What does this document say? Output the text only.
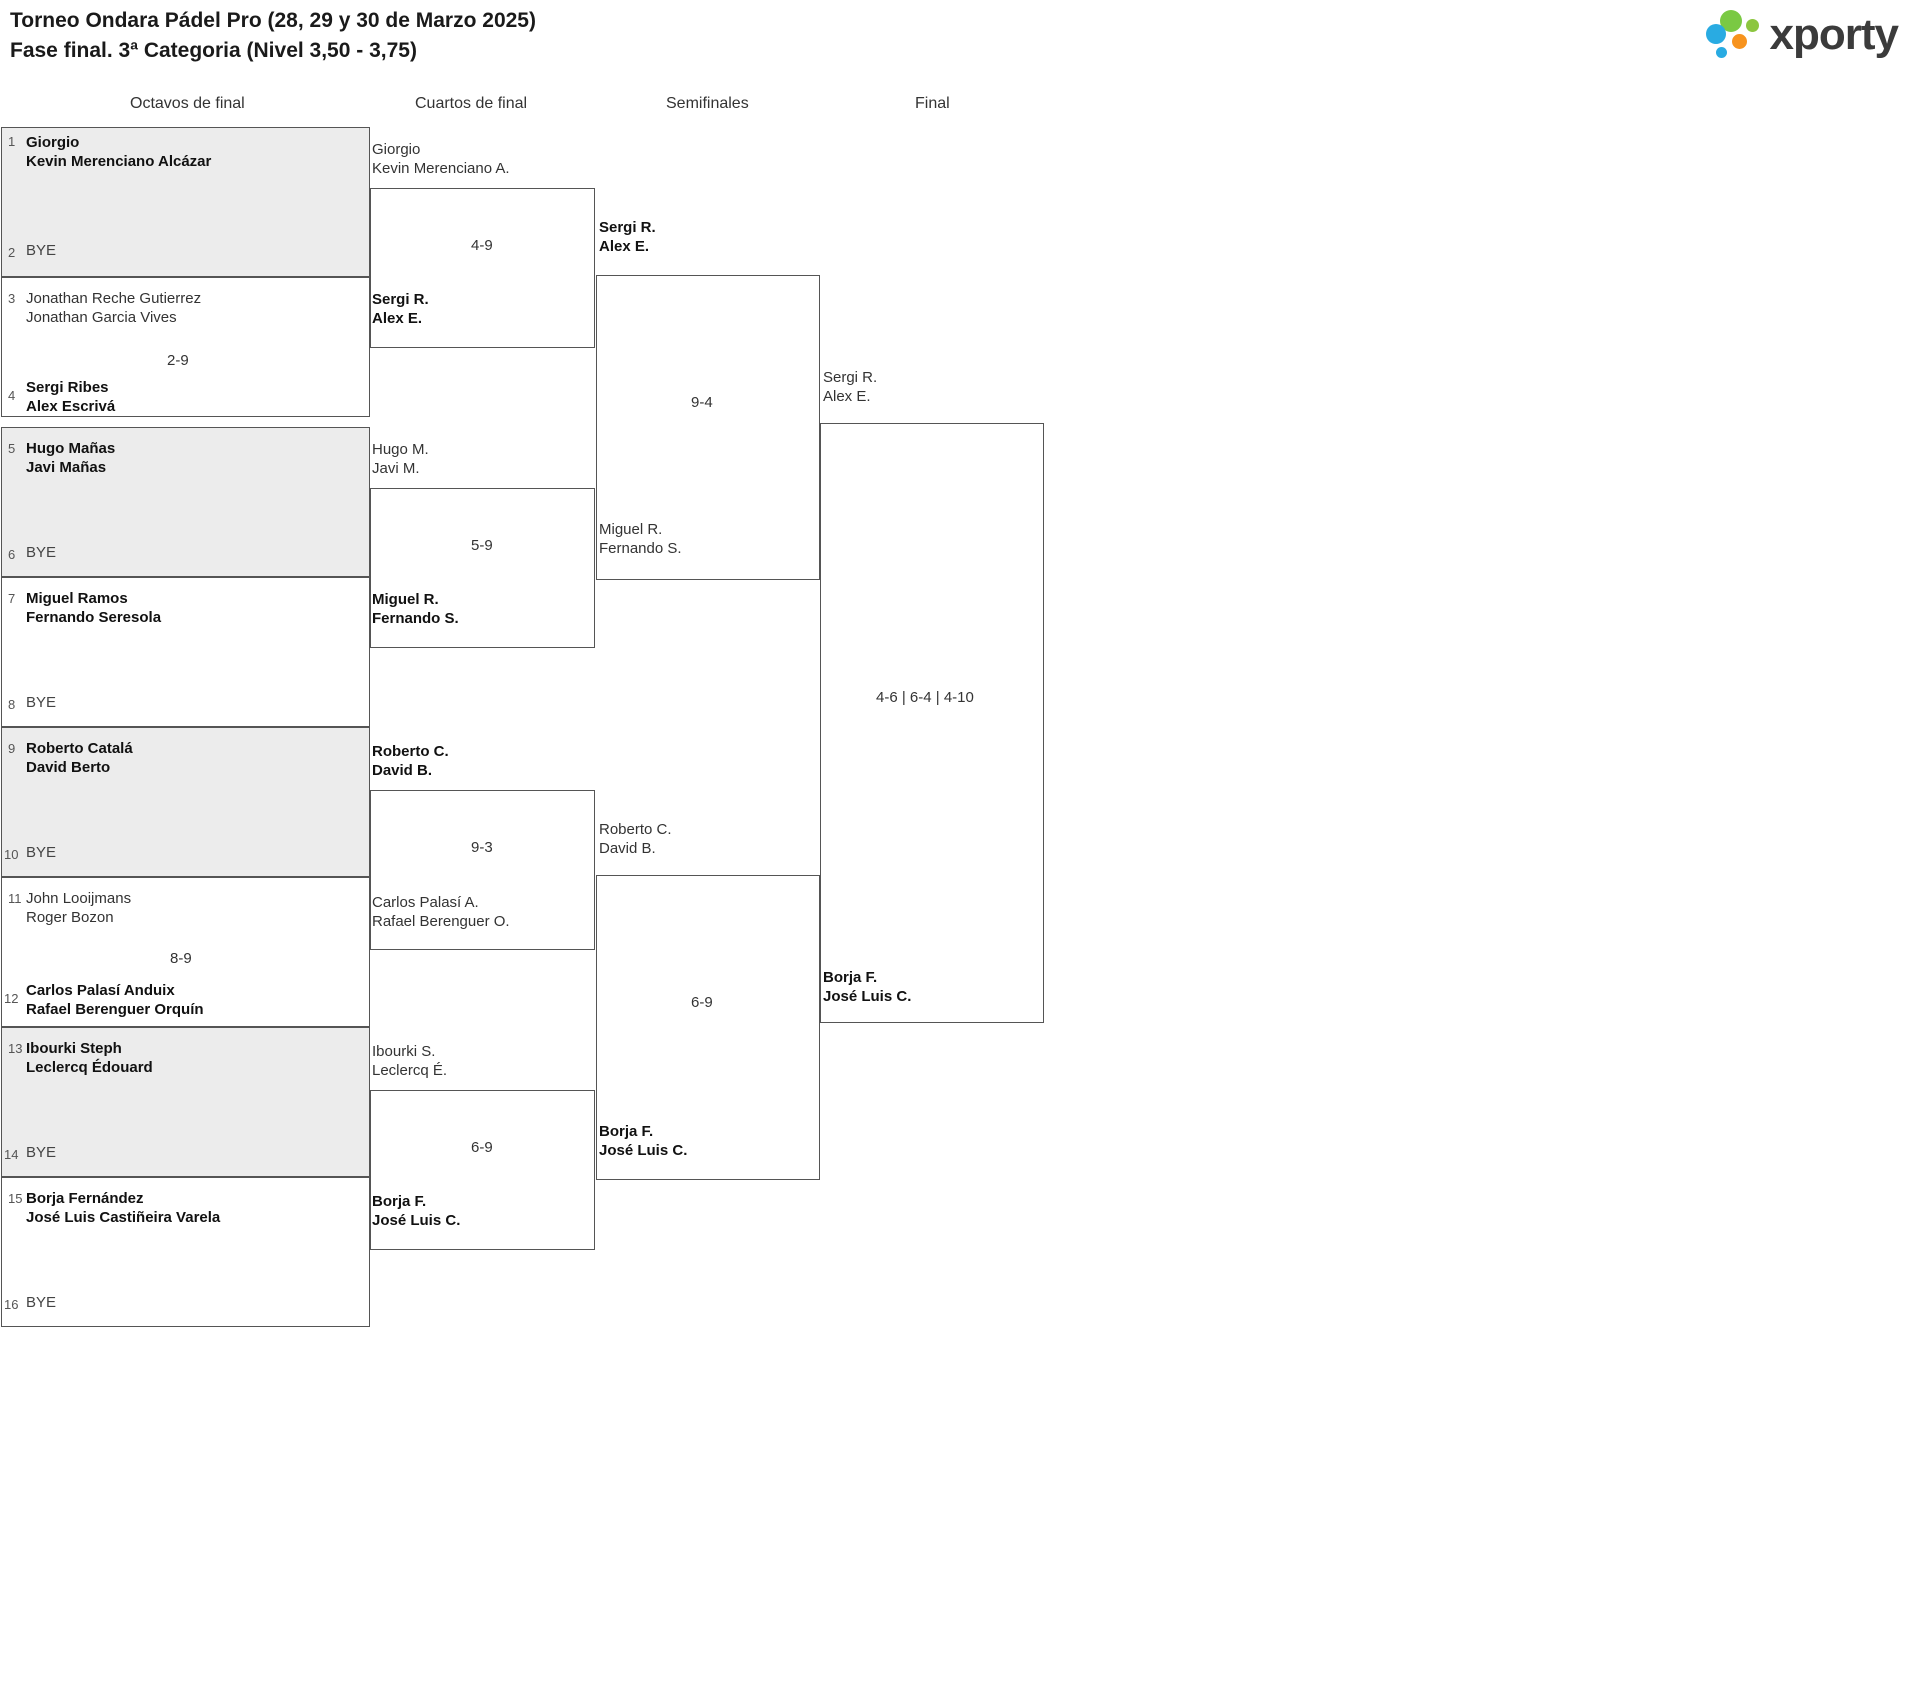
Torneo Ondara Pádel Pro (28, 29 y 30 de Marzo 2025)
Fase final. 3ª Categoria (Nivel 3,50 - 3,75)	xporty
Octavos de final	Cuartos de final	Semifinales	Final
1 Giorgio
Kevin Merenciano Alcázar
2 BYE
3 Jonathan Reche Gutierrez
Jonathan Garcia Vives
2-9
4 Sergi Ribes
Alex Escrivá
5 Hugo Mañas
Javi Mañas
6 BYE
7 Miguel Ramos
Fernando Seresola
8 BYE
9 Roberto Catalá
David Berto
10 BYE
11 John Looijmans
Roger Bozon
8-9
12 Carlos Palasí Anduix
Rafael Berenguer Orquín
13 Ibourki Steph
Leclercq Édouard
14 BYE
15 Borja Fernández
José Luis Castiñeira Varela
16 BYE
Giorgio
Kevin Merenciano A.
4-9
Sergi R.
Alex E.
Hugo M.
Javi M.
5-9
Miguel R.
Fernando S.
Roberto C.
David B.
9-3
Carlos Palasí A.
Rafael Berenguer O.
Ibourki S.
Leclercq É.
6-9
Borja F.
José Luis C.
Sergi R.
Alex E.
9-4
Miguel R.
Fernando S.
Roberto C.
David B.
6-9
Borja F.
José Luis C.
Sergi R.
Alex E.
4-6 | 6-4 | 4-10
Borja F.
José Luis C.
